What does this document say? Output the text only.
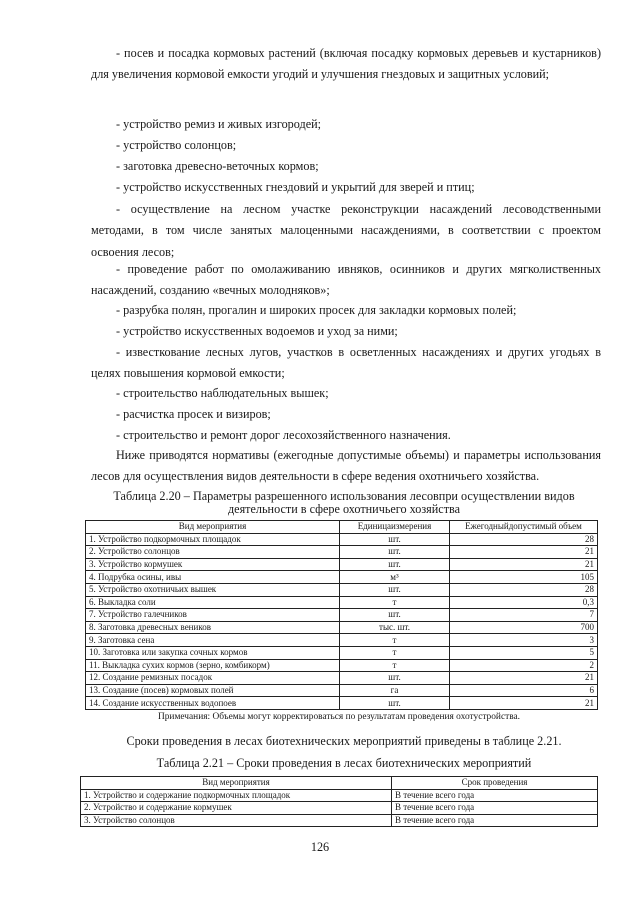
- посев и посадка кормовых растений (включая посадку кормовых деревьев и кустарников) для увеличения кормовой емкости угодий и улучшения гнездовых и защитных условий;

- устройство ремиз и живых изгородей;

- устройство солонцов;

- заготовка древесно-веточных кормов;

- устройство искусственных гнездовий и укрытий для зверей и птиц;

- осуществление на лесном участке реконструкции насаждений лесоводственными методами, в том числе занятых малоценными насаждениями, в соответствии с проектом освоения лесов;

- проведение работ по омолаживанию ивняков, осинников и других мягколиственных насаждений, созданию «вечных молодняков»;

- разрубка полян, прогалин и широких просек для закладки кормовых полей;

- устройство искусственных водоемов и уход за ними;

- известкование лесных лугов, участков в осветленных насаждениях и других угодьях в целях повышения кормовой емкости;

- строительство наблюдательных вышек;

- расчистка просек и визиров;

- строительство и ремонт дорог лесохозяйственного назначения.

Ниже приводятся нормативы (ежегодные допустимые объемы) и параметры использования лесов для осуществления видов деятельности в сфере ведения охотничьего хозяйства.

Таблица 2.20 – Параметры разрешенного использования лесовпри осуществлении видов деятельности в сфере охотничьего хозяйства

Вид мероприятия	Единицаизмерения	Ежегодныйдопустимый объем
1. Устройство подкормочных площадок	шт.	28
2. Устройство солонцов	шт.	21
3. Устройство кормушек	шт.	21
4. Подрубка осины, ивы	м³	105
5. Устройство охотничьих вышек	шт.	28
6. Выкладка соли	т	0,3
7. Устройство галечников	шт.	7
8. Заготовка древесных веников	тыс. шт.	700
9. Заготовка сена	т	3
10. Заготовка или закупка сочных кормов	т	5
11. Выкладка сухих кормов (зерно, комбикорм)	т	2
12. Создание ремизных посадок	шт.	21
13. Создание (посев) кормовых полей	га	6
14. Создание искусственных водопоев	шт.	21

Примечания: Объемы могут корректироваться по результатам проведения охотустройства.

Сроки проведения в лесах биотехнических мероприятий приведены в таблице 2.21.

Таблица 2.21 – Сроки проведения в лесах биотехнических мероприятий

Вид мероприятия	Срок проведения
1. Устройство и содержание подкормочных площадок	В течение всего года
2. Устройство и содержание кормушек	В течение всего года
3. Устройство солонцов	В течение всего года

126
